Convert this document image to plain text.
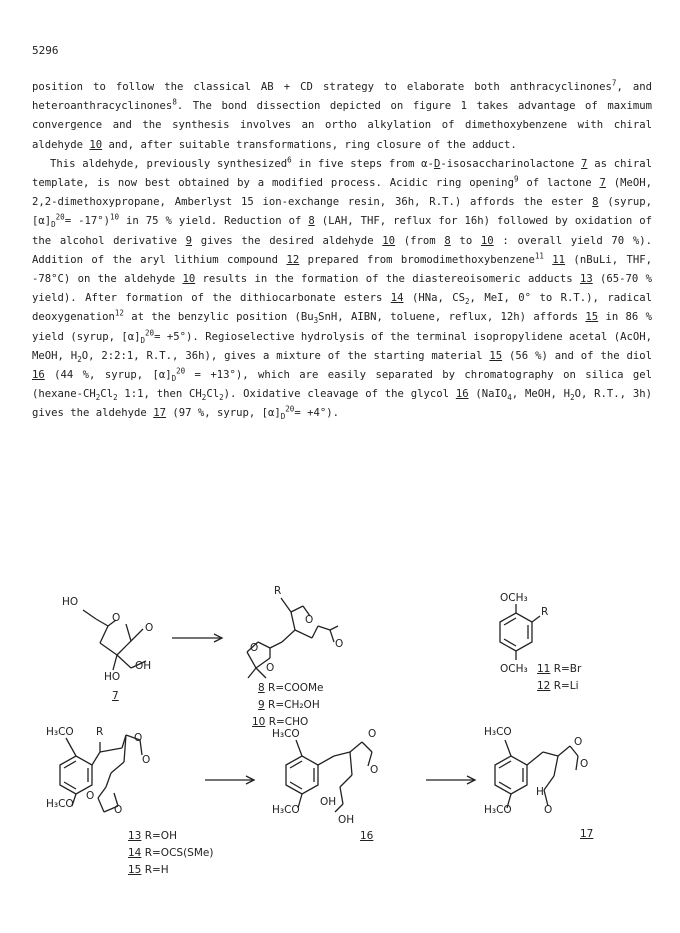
5296

position to follow the classical AB + CD strategy to elaborate both anthracyclinones$^7$, and heteroanthracyclinones$^8$. The bond dissection depicted on figure 1 takes advantage of maximum convergence and the synthesis involves an ortho alkylation of dimethoxybenzene with chiral aldehyde 10 and, after suitable transformations, ring closure of the adduct.

This aldehyde, previously synthesized$^6$ in five steps from α-D-isosaccharinolactone 7 as chiral template, is now best obtained by a modified process. Acidic ring opening$^9$ of lactone 7 (MeOH, 2,2-dimethoxypropane, Amberlyst 15 ion-exchange resin, 36h, R.T.) affords the ester 8 (syrup, $[\alpha]_D^{20}= -17^\circ)^{10}$ in 75 % yield. Reduction of 8 (LAH, THF, reflux for 16h) followed by oxidation of the alcohol derivative 9 gives the desired aldehyde 10 (from 8 to 10 : overall yield 70 %). Addition of the aryl lithium compound 12 prepared from bromodimethoxybenzene$^{11}$ 11 (nBuLi, THF, -78°C) on the aldehyde 10 results in the formation of the diastereoisomeric adducts 13 (65-70 % yield). After formation of the dithiocarbonate esters 14 (HNa, $CS_2$, MeI, 0° to R.T.), radical deoxygenation$^{12}$ at the benzylic position ($Bu_3SnH$, AIBN, toluene, reflux, 12h) affords 15 in 86 % yield (syrup, $[\alpha]_D^{20}= +5^\circ$). Regioselective hydrolysis of the terminal isopropylidene acetal (AcOH, MeOH, $H_2O$, 2:2:1, R.T., 36h), gives a mixture of the starting material 15 (56 %) and of the diol 16 (44 %, syrup, $[\alpha]_D^{20} = +13^\circ$), which are easily separated by chromatography on silica gel ($hexane-CH_2Cl_2$ 1:1, then $CH_2Cl_2$). Oxidative cleavage of the glycol 16 (NaIO$_4$, MeOH, $H_2O$, R.T., 3h) gives the aldehyde 17 (97 %, syrup, $[\alpha]_D^{20}= +4^\circ$).

HO
O
O
HO
OH
7
R
O
O
O
O
8 R=COOMe
9 R=CH₂OH
10 R=CHO
OCH₃
R
OCH₃ 11 R=Br
12 R=Li
H₃CO R
H₃CO
O
O
O
O
13 R=OH
14 R=OCS(SMe)
15 R=H
H₃CO
H₃CO
O
O
OH
OH
16
H₃CO
H₃CO
O
O
H
O
17
